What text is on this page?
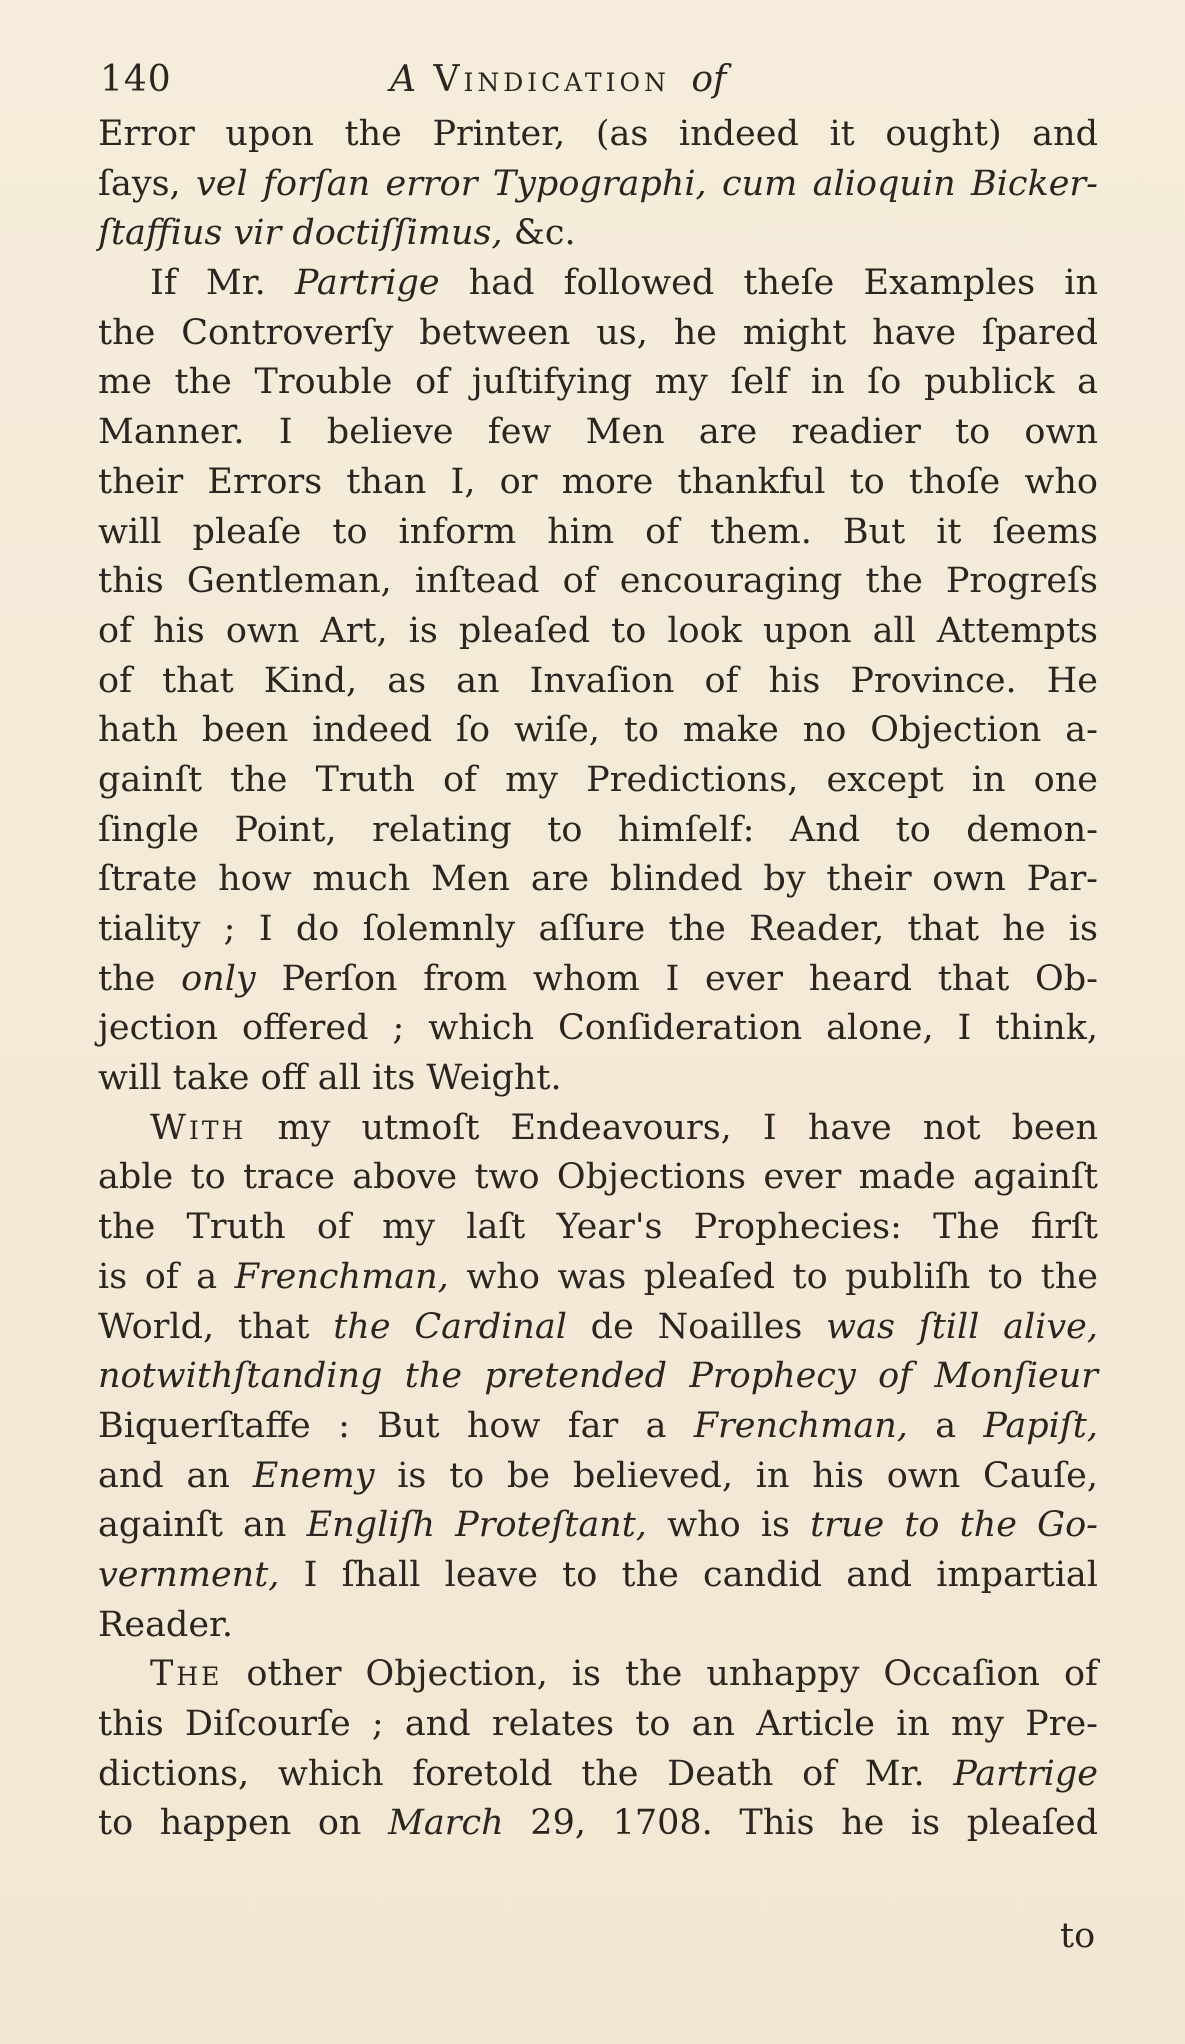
140	A Vindication of
Error upon the Printer, (as indeed it ought) and
ſays, vel forſan error Typographi, cum alioquin Bicker-
ſtaffius vir doctiſſimus, &c.
If Mr. Partrige had followed theſe Examples in
the Controverſy between us, he might have ſpared
me the Trouble of juſtifying my ſelf in ſo publick a
Manner. I believe few Men are readier to own
their Errors than I, or more thankful to thoſe who
will pleaſe to inform him of them. But it ſeems
this Gentleman, inſtead of encouraging the Progreſs
of his own Art, is pleaſed to look upon all Attempts
of that Kind, as an Invaſion of his Province. He
hath been indeed ſo wiſe, to make no Objection a-
gainſt the Truth of my Predictions, except in one
ſingle Point, relating to himſelf: And to demon-
ſtrate how much Men are blinded by their own Par-
tiality ; I do ſolemnly aſſure the Reader, that he is
the only Perſon from whom I ever heard that Ob-
jection offered ; which Conſideration alone, I think,
will take off all its Weight.
With my utmoſt Endeavours, I have not been
able to trace above two Objections ever made againſt
the Truth of my laſt Year's Prophecies: The firſt
is of a Frenchman, who was pleaſed to publiſh to the
World, that the Cardinal de Noailles was ſtill alive,
notwithſtanding the pretended Prophecy of Monſieur
Biquerſtaffe : But how far a Frenchman, a Papiſt,
and an Enemy is to be believed, in his own Cauſe,
againſt an Engliſh Proteſtant, who is true to the Go-
vernment, I ſhall leave to the candid and impartial
Reader.
The other Objection, is the unhappy Occaſion of
this Diſcourſe ; and relates to an Article in my Pre-
dictions, which foretold the Death of Mr. Partrige
to happen on March 29, 1708. This he is pleaſed
to
